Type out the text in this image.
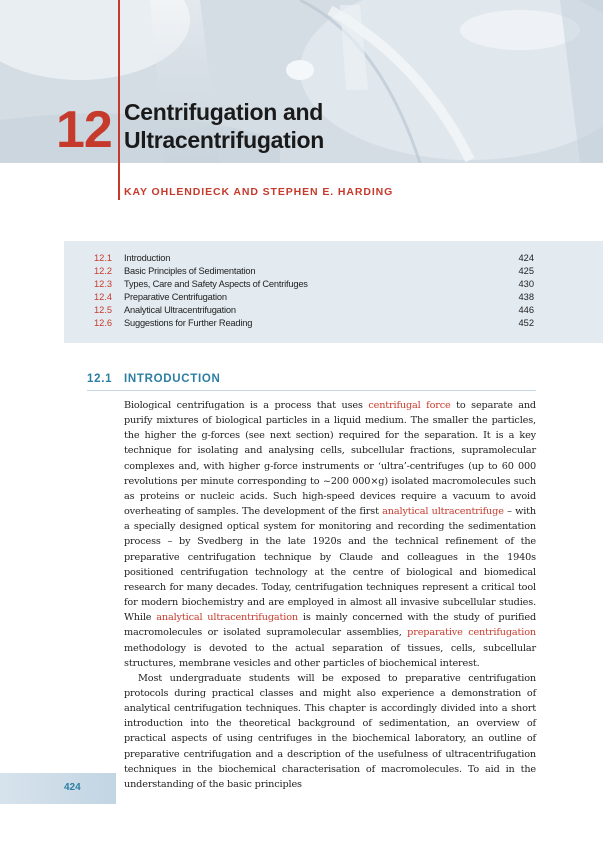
12 Centrifugation and Ultracentrifugation
KAY OHLENDIECK AND STEPHEN E. HARDING
12.1 Introduction	424
12.2 Basic Principles of Sedimentation	425
12.3 Types, Care and Safety Aspects of Centrifuges	430
12.4 Preparative Centrifugation	438
12.5 Analytical Ultracentrifugation	446
12.6 Suggestions for Further Reading	452
12.1 INTRODUCTION

Biological centrifugation is a process that uses centrifugal force to separate and purify mixtures of biological particles in a liquid medium. The smaller the particles, the higher the g-forces (see next section) required for the separation. It is a key technique for isolating and analysing cells, subcellular fractions, supramolecular complexes and, with higher g-force instruments or ‘ultra’-centrifuges (up to 60 000 revolutions per minute corresponding to ~200 000×g) isolated macromolecules such as proteins or nucleic acids. Such high-speed devices require a vacuum to avoid overheating of samples. The development of the first analytical ultracentrifuge – with a specially designed optical system for monitoring and recording the sedimentation process – by Svedberg in the late 1920s and the technical refinement of the preparative centrifugation technique by Claude and colleagues in the 1940s positioned centrifugation technology at the centre of biological and biomedical research for many decades. Today, centrifugation techniques represent a critical tool for modern biochemistry and are employed in almost all invasive subcellular studies. While analytical ultracentrifugation is mainly concerned with the study of purified macromolecules or isolated supramolecular assemblies, preparative centrifugation methodology is devoted to the actual separation of tissues, cells, subcellular structures, membrane vesicles and other particles of biochemical interest.

Most undergraduate students will be exposed to preparative centrifugation protocols during practical classes and might also experience a demonstration of analytical centrifugation techniques. This chapter is accordingly divided into a short introduction into the theoretical background of sedimentation, an overview of practical aspects of using centrifuges in the biochemical laboratory, an outline of preparative centrifugation and a description of the usefulness of ultracentrifugation techniques in the biochemical characterisation of macromolecules. To aid in the understanding of the basic principles

424
